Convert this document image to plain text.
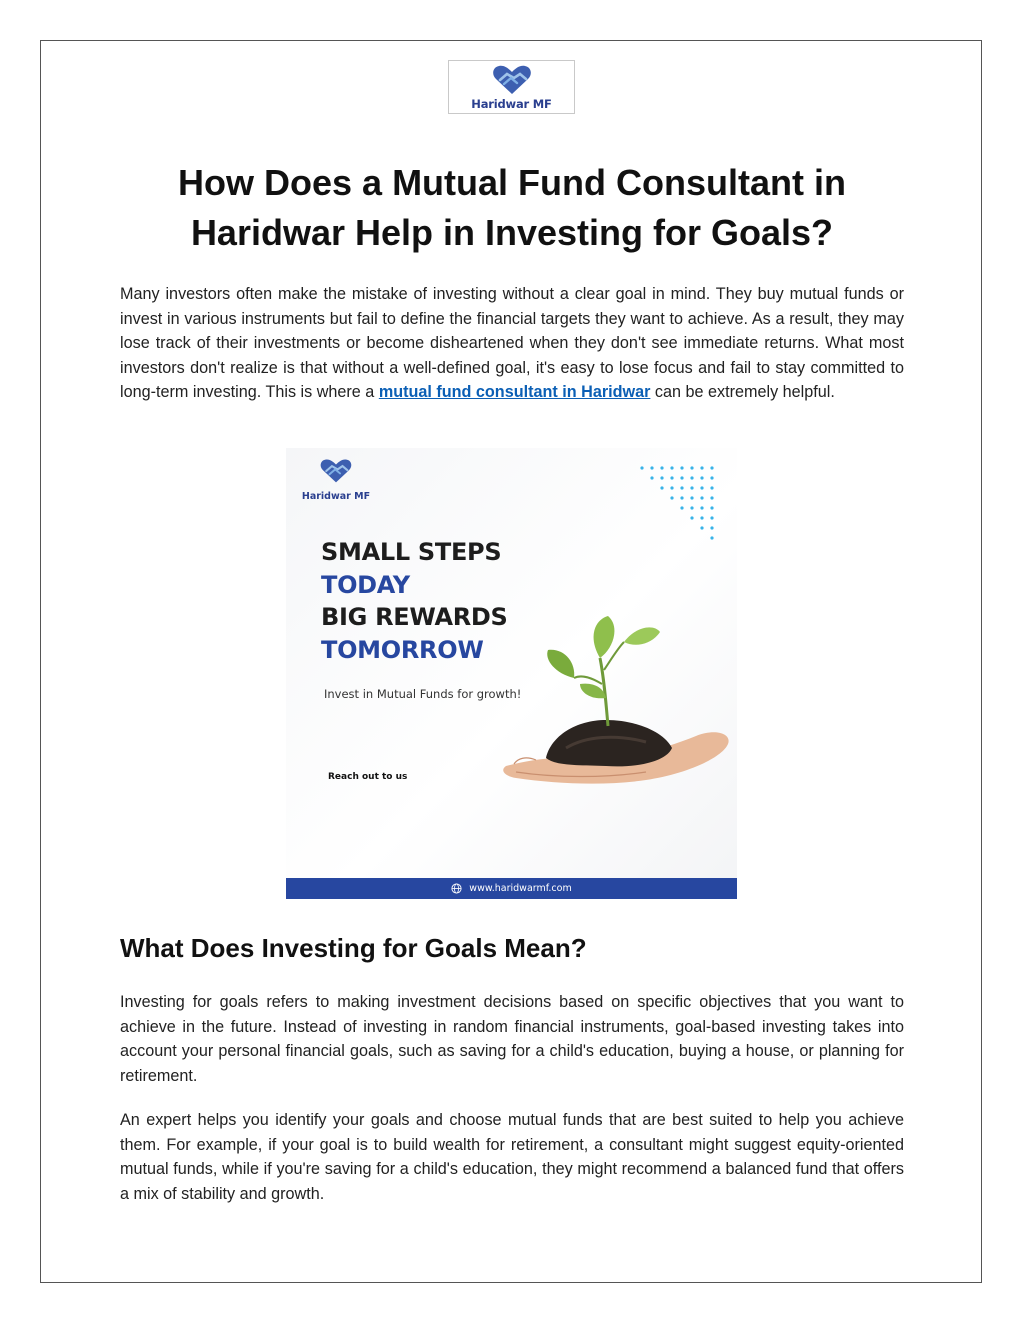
Haridwar MF
How Does a Mutual Fund Consultant in
Haridwar Help in Investing for Goals?

Many investors often make the mistake of investing without a clear goal in mind. They buy mutual funds or invest in various instruments but fail to define the financial targets they want to achieve. As a result, they may lose track of their investments or become disheartened when they don't see immediate returns. What most investors don't realize is that without a well-defined goal, it's easy to lose focus and fail to stay committed to long-term investing. This is where a mutual fund consultant in Haridwar can be extremely helpful.

Haridwar MF
SMALL STEPS
TODAY
BIG REWARDS
TOMORROW
Invest in Mutual Funds for growth!
Reach out to us
www.haridwarmf.com
What Does Investing for Goals Mean?

Investing for goals refers to making investment decisions based on specific objectives that you want to achieve in the future. Instead of investing in random financial instruments, goal-based investing takes into account your personal financial goals, such as saving for a child's education, buying a house, or planning for retirement.

An expert helps you identify your goals and choose mutual funds that are best suited to help you achieve them. For example, if your goal is to build wealth for retirement, a consultant might suggest equity-oriented mutual funds, while if you're saving for a child's education, they might recommend a balanced fund that offers a mix of stability and growth.
